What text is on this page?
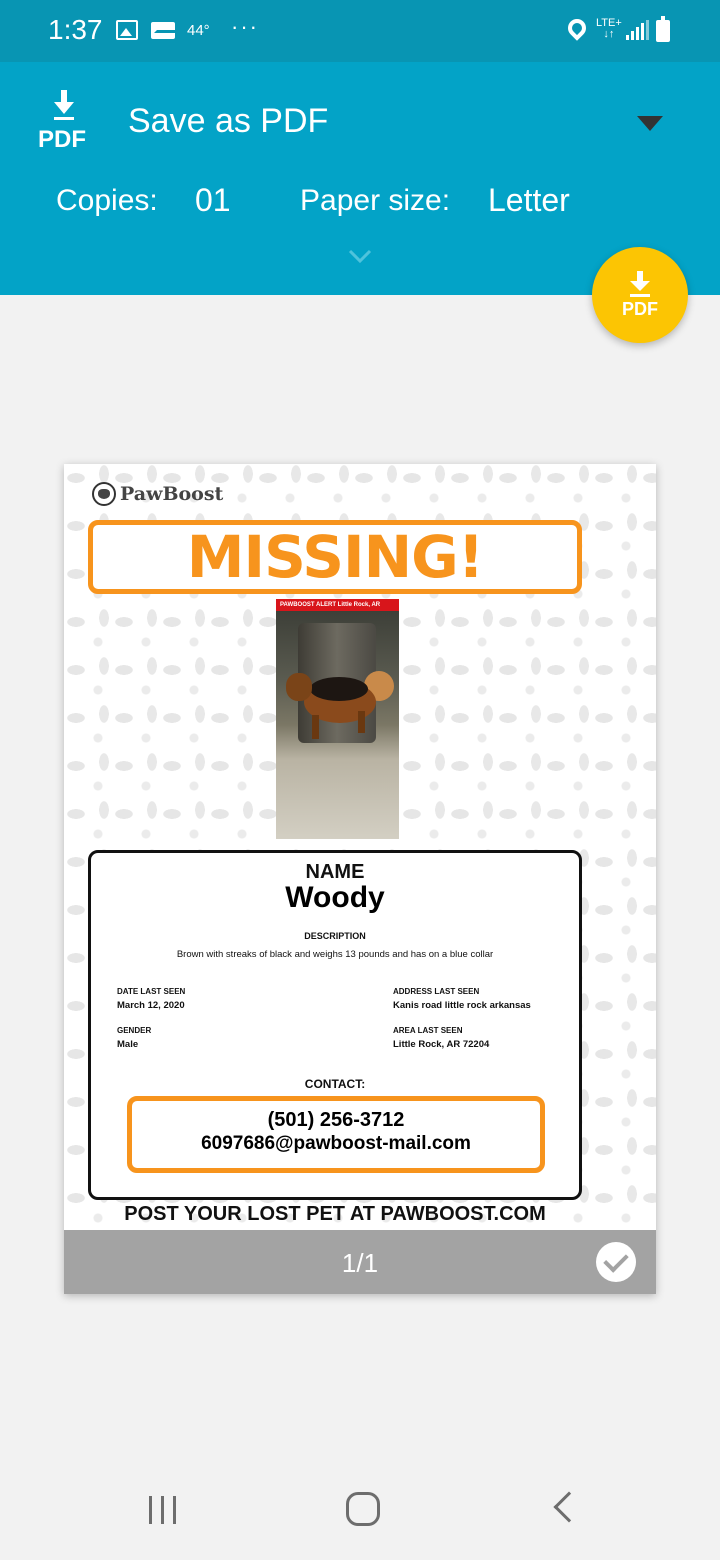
1:37	44° ···	LTE+
↓↑
PDF Save as PDF
Copies: 01 Paper size: Letter
PDF
PawBoost
MISSING!
PAWBOOST ALERT Little Rock, AR
NAME
Woody
DESCRIPTION
Brown with streaks of black and weighs 13 pounds and has on a blue collar
DATE LAST SEEN
March 12, 2020
ADDRESS LAST SEEN
Kanis road little rock arkansas
GENDER
Male
AREA LAST SEEN
Little Rock, AR 72204
CONTACT:
(501) 256-3712
6097686@pawboost-mail.com
POST YOUR LOST PET AT PAWBOOST.COM
1/1
